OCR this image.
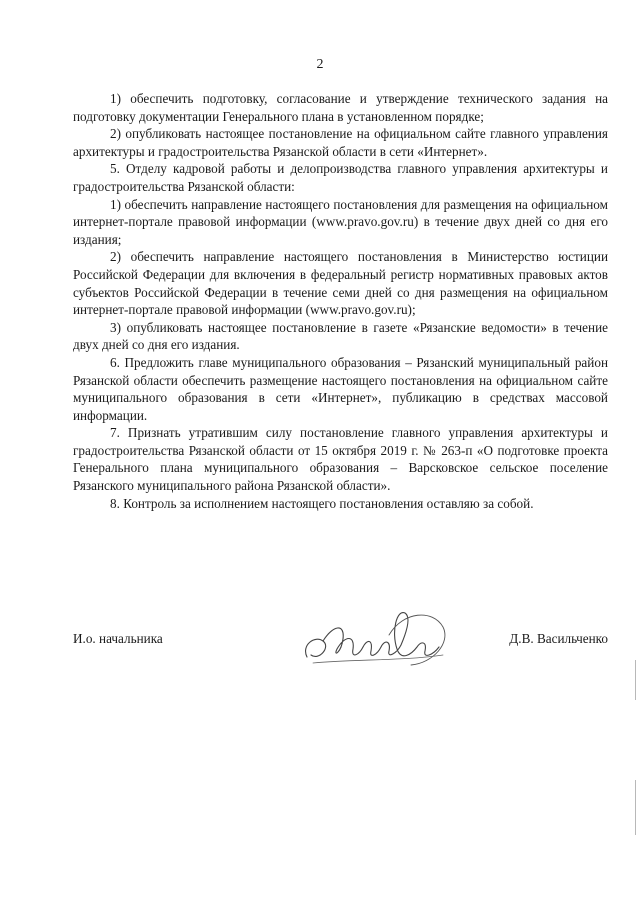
2

1) обеспечить подготовку, согласование и утверждение технического задания на подготовку документации Генерального плана в установленном порядке;

2) опубликовать настоящее постановление на официальном сайте главного управления архитектуры и градостроительства Рязанской области в сети «Интернет».

5. Отделу кадровой работы и делопроизводства главного управления архитектуры и градостроительства Рязанской области:

1) обеспечить направление настоящего постановления для размещения на официальном интернет-портале правовой информации (www.pravo.gov.ru) в течение двух дней со дня его издания;

2) обеспечить направление настоящего постановления в Министерство юстиции Российской Федерации для включения в федеральный регистр нормативных правовых актов субъектов Российской Федерации в течение семи дней со дня размещения на официальном интернет-портале правовой информации (www.pravo.gov.ru);

3) опубликовать настоящее постановление в газете «Рязанские ведомости» в течение двух дней со дня его издания.

6. Предложить главе муниципального образования – Рязанский муниципальный район Рязанской области обеспечить размещение настоящего постановления на официальном сайте муниципального образования в сети «Интернет», публикацию в средствах массовой информации.

7. Признать утратившим силу постановление главного управления архитектуры и градостроительства Рязанской области от 15 октября 2019 г. № 263-п «О подготовке проекта Генерального плана муниципального образования – Варсковское сельское поселение Рязанского муниципального района Рязанской области».

8. Контроль за исполнением настоящего постановления оставляю за собой.

И.о. начальника	Д.В. Васильченко
